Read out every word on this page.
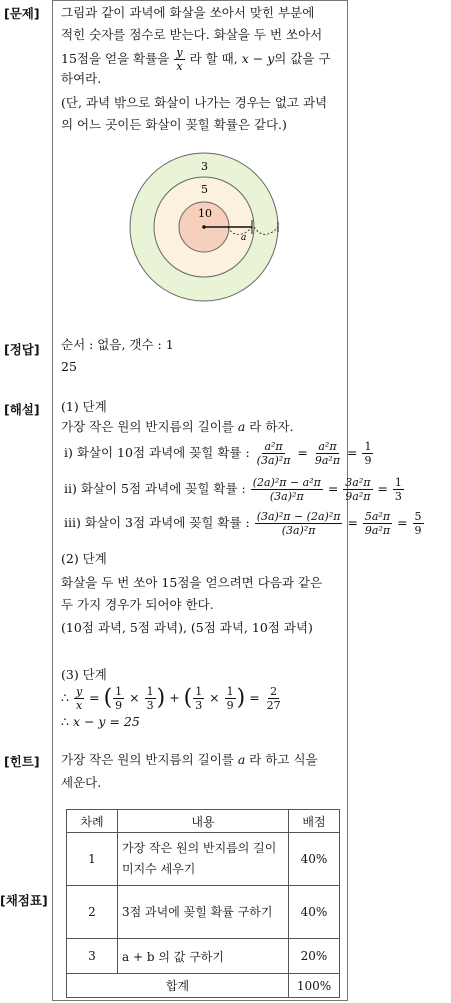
[문제]
[정답]
[해설]
[힌트]
[채점표]
그림과 같이 과녁에 화살을 쏘아서 맞힌 부분에
적힌 숫자를 점수로 받는다. 화살을 두 번 쏘아서
15점을 얻을 확률을 $\frac{y}{x}$ 라 할 때, x − y의 값을 구
하여라.
(단, 과녁 밖으로 화살이 나가는 경우는 없고 과녁
의 어느 곳이든 화살이 꽂힐 확률은 같다.)
3
5
10
a
순서 : 없음, 갯수 : 1
25
(1) 단계
가장 작은 원의 반지름의 길이를 a 라 하자.
ⅰ) 화살이 10점 과녁에 꽂힐 확률 : $\frac{\text{a²π}}{\text{(3a)²π}} = \frac{\text{a²π}}{\text{9a²π}} = \frac{1}{9}$
ⅱ) 화살이 5점 과녁에 꽂힐 확률 : $\frac{\text{(2a)²π − a²π}}{\text{(3a)²π}} = \frac{\text{3a²π}}{\text{9a²π}} = \frac{1}{3}$
ⅲ) 화살이 3점 과녁에 꽂힐 확률 : $\frac{\text{(3a)²π − (2a)²π}}{\text{(3a)²π}} = \frac{\text{5a²π}}{\text{9a²π}} = \frac{5}{9}$
(2) 단계
화살을 두 번 쏘아 15점을 얻으려면 다음과 같은
두 가지 경우가 되어야 한다.
(10점 과녁, 5점 과녁), (5점 과녁, 10점 과녁)
(3) 단계
∴ $\frac{y}{x}$ = ( $\frac{1}{9} \times \frac{1}{3}$ ) + ( $\frac{1}{3} \times \frac{1}{9}$ ) = $\frac{2}{27}$
∴ x − y = 25
가장 작은 원의 반지름의 길이를 a 라 하고 식을
세운다.
차례	내용	배점
1	가장 작은 원의 반지름의 길이 미지수 세우기	40%
2	3점 과녁에 꽂힐 확률 구하기	40%
3	a + b 의 값 구하기	20%
합계		100%
